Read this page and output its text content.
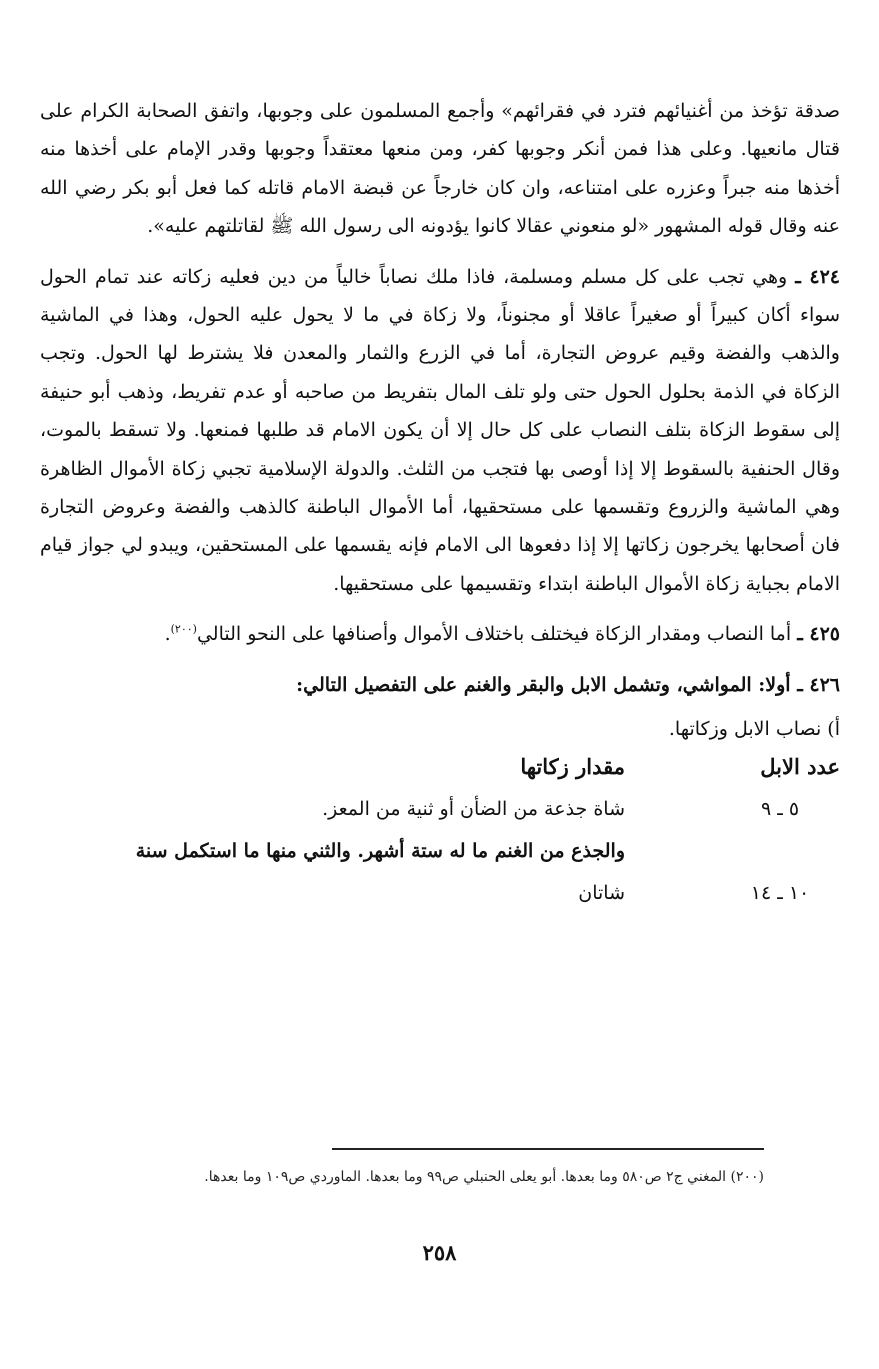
صدقة تؤخذ من أغنيائهم فترد في فقرائهم» وأجمع المسلمون على وجوبها، واتفق الصحابة الكرام على قتال مانعيها. وعلى هذا فمن أنكر وجوبها كفر، ومن منعها معتقداً وجوبها وقدر الإمام على أخذها منه أخذها منه جبراً وعزره على امتناعه، وان كان خارجاً عن قبضة الامام قاتله كما فعل أبو بكر رضي الله عنه وقال قوله المشهور «لو منعوني عقالا كانوا يؤدونه الى رسول الله ﷺ لقاتلتهم عليه».

٤٢٤ ـ وهي تجب على كل مسلم ومسلمة، فاذا ملك نصاباً خالياً من دين فعليه زكاته عند تمام الحول سواء أكان كبيراً أو صغيراً عاقلا أو مجنوناً، ولا زكاة في ما لا يحول عليه الحول، وهذا في الماشية والذهب والفضة وقيم عروض التجارة، أما في الزرع والثمار والمعدن فلا يشترط لها الحول. وتجب الزكاة في الذمة بحلول الحول حتى ولو تلف المال بتفريط من صاحبه أو عدم تفريط، وذهب أبو حنيفة إلى سقوط الزكاة بتلف النصاب على كل حال إلا أن يكون الامام قد طلبها فمنعها. ولا تسقط بالموت، وقال الحنفية بالسقوط إلا إذا أوصى بها فتجب من الثلث. والدولة الإسلامية تجبي زكاة الأموال الظاهرة وهي الماشية والزروع وتقسمها على مستحقيها، أما الأموال الباطنة كالذهب والفضة وعروض التجارة فان أصحابها يخرجون زكاتها إلا إذا دفعوها الى الامام فإنه يقسمها على المستحقين، ويبدو لي جواز قيام الامام بجباية زكاة الأموال الباطنة ابتداء وتقسيمها على مستحقيها.

٤٢٥ ـ أما النصاب ومقدار الزكاة فيختلف باختلاف الأموال وأصنافها على النحو التالي$^{(٢٠٠)}$.

٤٢٦ ـ أولا: المواشي، وتشمل الابل والبقر والغنم على التفصيل التالي:

أ) نصاب الابل وزكاتها.

عدد الابل
مقدار زكاتها
٥ ـ ٩
شاة جذعة من الضأن أو ثنية من المعز.
والجذع من الغنم ما له ستة أشهر. والثني منها ما استكمل سنة
١٠ ـ ١٤
شاتان
(٢٠٠) المغني ج٢ ص٥٨٠ وما بعدها. أبو يعلى الحنبلي ص٩٩ وما بعدها. الماوردي ص١٠٩ وما بعدها.
٢٥٨
